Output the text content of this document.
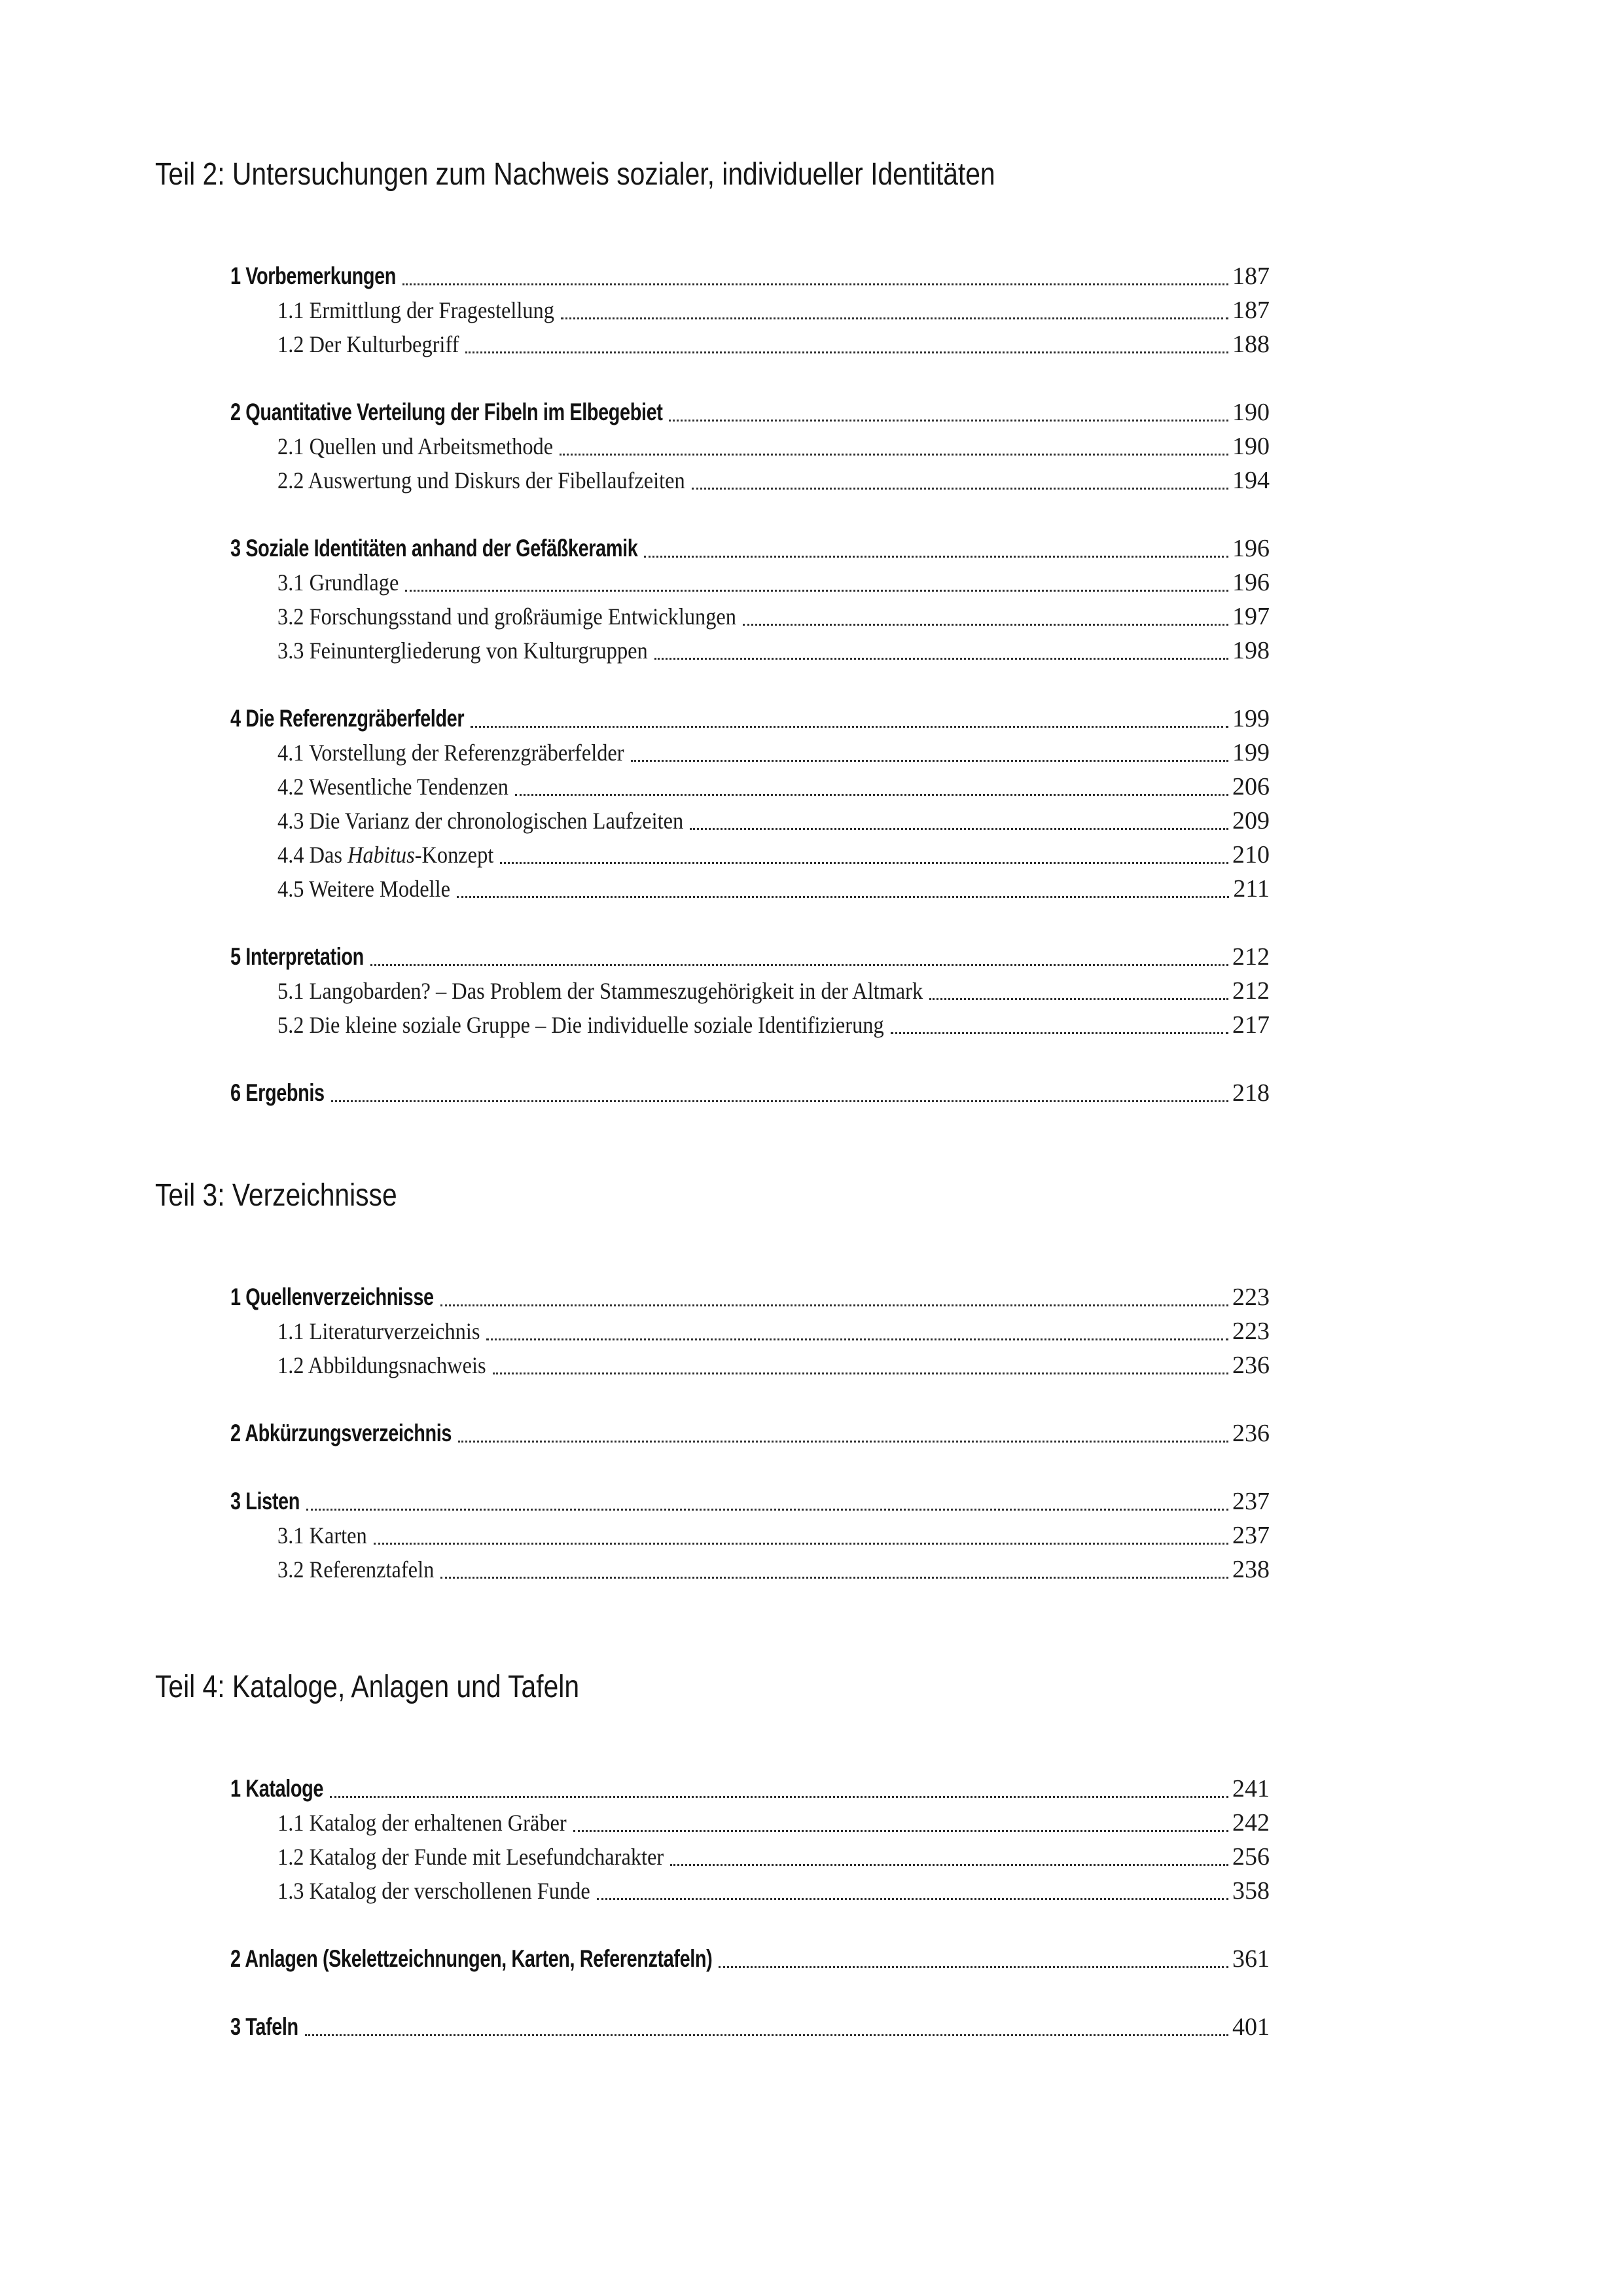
Teil 2: Untersuchungen zum Nachweis sozialer, individueller Identitäten
1 Vorbemerkungen	187
1.1 Ermittlung der Fragestellung	187
1.2 Der Kulturbegriff	188
2 Quantitative Verteilung der Fibeln im Elbegebiet	190
2.1 Quellen und Arbeitsmethode	190
2.2 Auswertung und Diskurs der Fibellaufzeiten	194
3 Soziale Identitäten anhand der Gefäßkeramik	196
3.1 Grundlage	196
3.2 Forschungsstand und großräumige Entwicklungen	197
3.3 Feinuntergliederung von Kulturgruppen	198
4 Die Referenzgräberfelder	199
4.1 Vorstellung der Referenzgräberfelder	199
4.2 Wesentliche Tendenzen	206
4.3 Die Varianz der chronologischen Laufzeiten	209
4.4 Das Habitus-Konzept	210
4.5 Weitere Modelle	211
5 Interpretation	212
5.1 Langobarden? – Das Problem der Stammeszugehörigkeit in der Altmark	212
5.2 Die kleine soziale Gruppe – Die individuelle soziale Identifizierung	217
6 Ergebnis	218
Teil 3: Verzeichnisse
1 Quellenverzeichnisse	223
1.1 Literaturverzeichnis	223
1.2 Abbildungsnachweis	236
2 Abkürzungsverzeichnis	236
3 Listen	237
3.1 Karten	237
3.2 Referenztafeln	238
Teil 4: Kataloge, Anlagen und Tafeln
1 Kataloge	241
1.1 Katalog der erhaltenen Gräber	242
1.2 Katalog der Funde mit Lesefundcharakter	256
1.3 Katalog der verschollenen Funde	358
2 Anlagen (Skelettzeichnungen, Karten, Referenztafeln)	361
3 Tafeln	401
